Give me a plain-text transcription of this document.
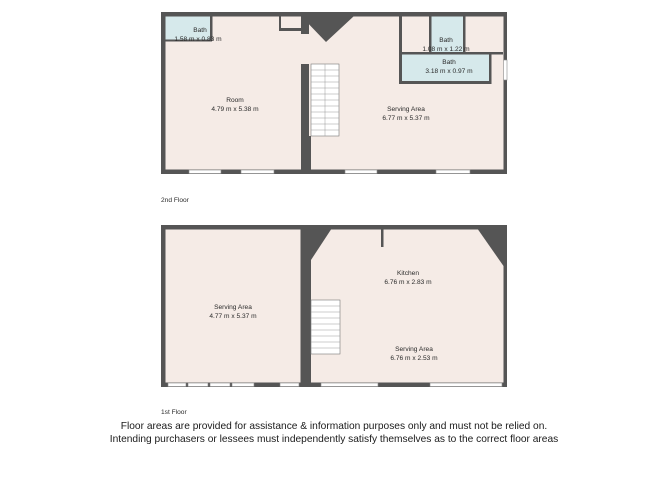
Bath
1.58 m x 0.83 m
Room
4.79 m x 5.38 m	Serving Area
6.77 m x 5.37 m
Bath
1.08 m x 1.22 m
Bath
3.18 m x 0.97 m
2nd Floor
Serving Area
4.77 m x 5.37 m
Kitchen
6.76 m x 2.83 m
Serving Area
6.76 m x 2.53 m
1st Floor
Floor areas are provided for assistance & information purposes only and must not be relied on.
Intending purchasers or lessees must independently satisfy themselves as to the correct floor areas
